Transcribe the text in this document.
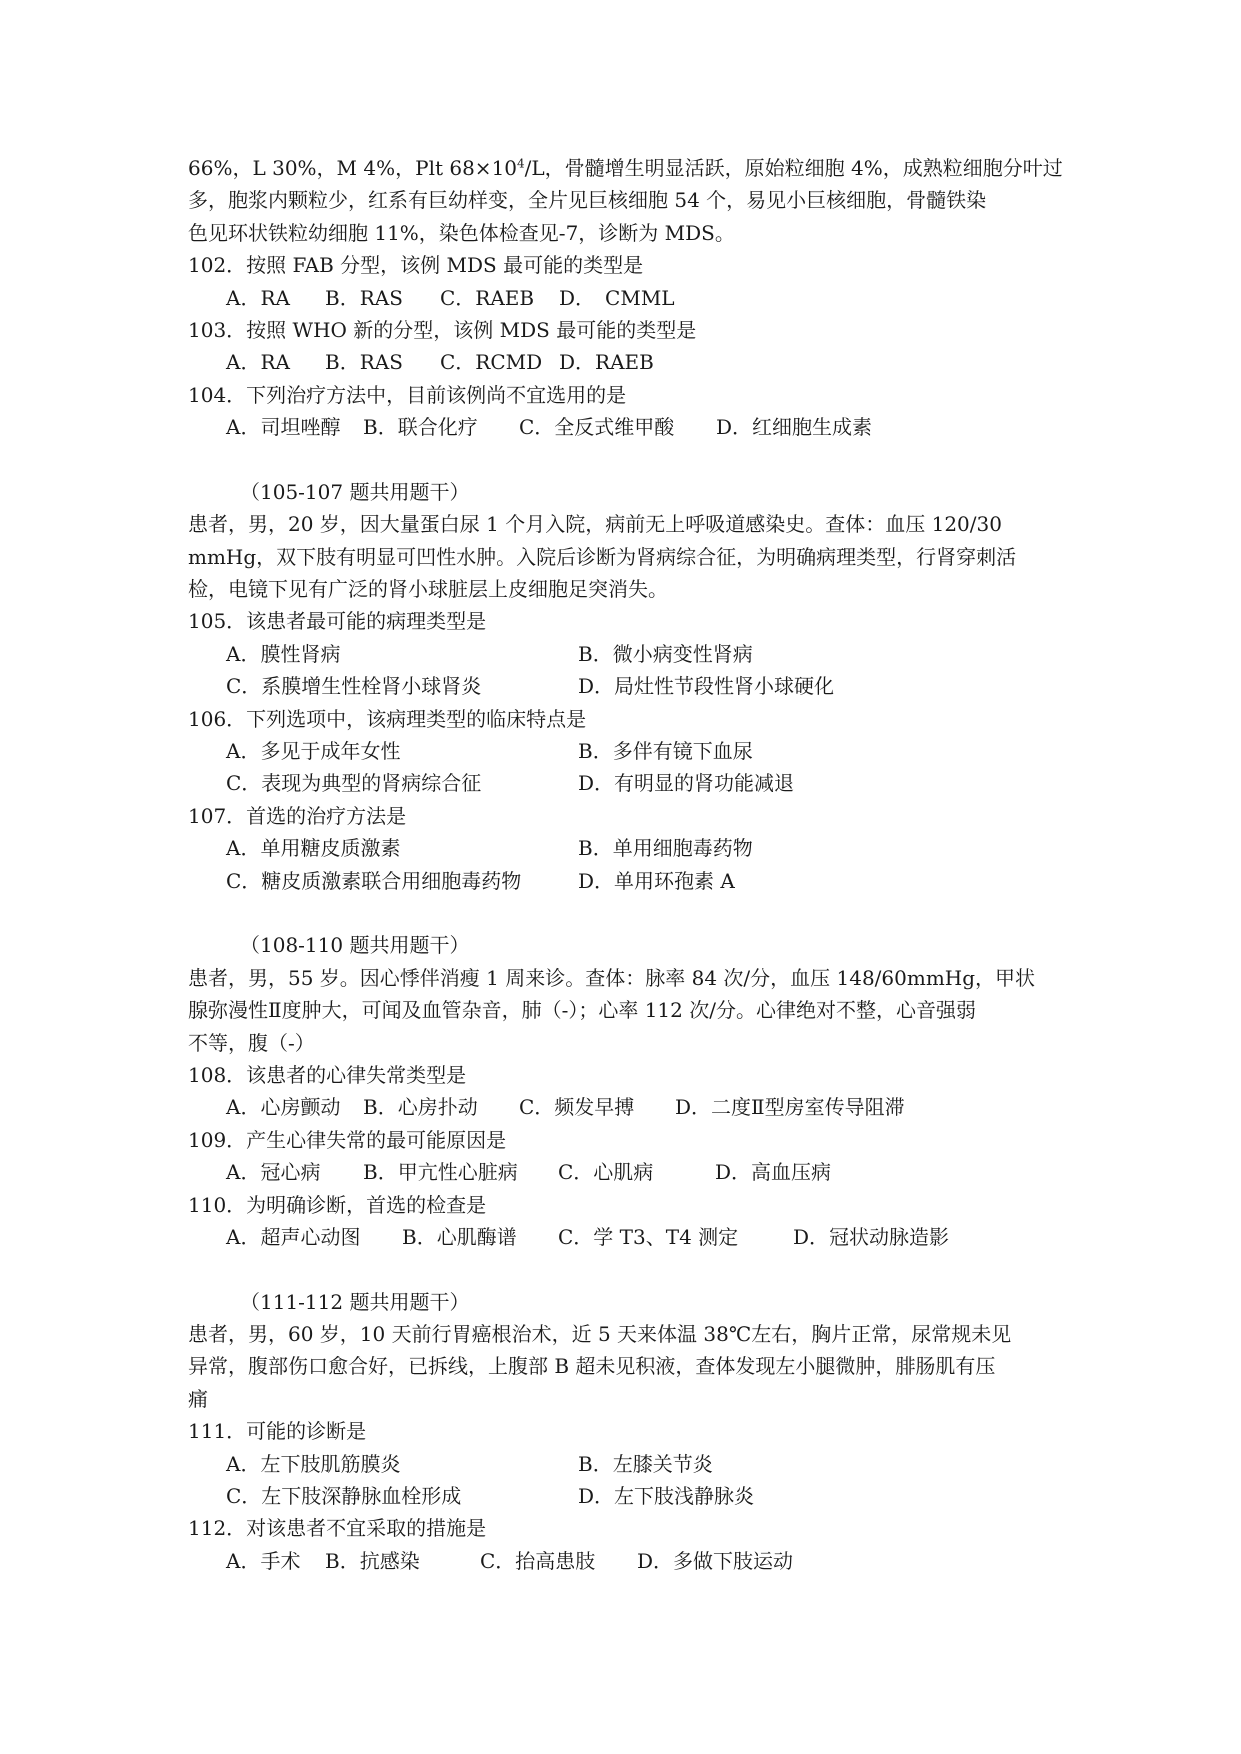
66%，L 30%，M 4%，Plt $68\times 10^4/L$，骨髓增生明显活跃，原始粒细胞 4%，成熟粒细胞分叶过
多，胞浆内颗粒少，红系有巨幼样变，全片见巨核细胞 54 个，易见小巨核细胞，骨髓铁染
色见环状铁粒幼细胞 11%，染色体检查见-7，诊断为 MDS。
102．按照 FAB 分型，该例 MDS 最可能的类型是
A．RA B．RAS C．RAEB D．　CMML
103．按照 WHO 新的分型，该例 MDS 最可能的类型是
A．RA B．RAS C．RCMD D．RAEB
104．下列治疗方法中，目前该例尚不宜选用的是
A．司坦唑醇 B．联合化疗 C．全反式维甲酸 D．红细胞生成素
（105-107 题共用题干）
患者，男，20 岁，因大量蛋白尿 1 个月入院，病前无上呼吸道感染史。查体：血压 120/30
mmHg，双下肢有明显可凹性水肿。入院后诊断为肾病综合征，为明确病理类型，行肾穿刺活
检，电镜下见有广泛的肾小球脏层上皮细胞足突消失。
105．该患者最可能的病理类型是
A．膜性肾病	B．微小病变性肾病
C．系膜增生性栓肾小球肾炎	D．局灶性节段性肾小球硬化
106．下列选项中，该病理类型的临床特点是
A．多见于成年女性	B．多伴有镜下血尿
C．表现为典型的肾病综合征	D．有明显的肾功能减退
107．首选的治疗方法是
A．单用糖皮质激素	B．单用细胞毒药物
C．糖皮质激素联合用细胞毒药物	D．单用环孢素 A
（108-110 题共用题干）
患者，男，55 岁。因心悸伴消瘦 1 周来诊。查体：脉率 84 次/分，血压 148/60mmHg，甲状
腺弥漫性Ⅱ度肿大，可闻及血管杂音，肺（-）；心率 112 次/分。心律绝对不整，心音强弱
不等，腹（-）
108．该患者的心律失常类型是
A．心房颤动 B．心房扑动 C．频发早搏 D．二度Ⅱ型房室传导阻滞
109．产生心律失常的最可能原因是
A．冠心病 B．甲亢性心脏病 C．心肌病	D．高血压病
110．为明确诊断，首选的检查是
A．超声心动图 B．心肌酶谱 C．学 T3、T4 测定	D．冠状动脉造影
（111-112 题共用题干）
患者，男，60 岁，10 天前行胃癌根治术，近 5 天来体温 38℃左右，胸片正常，尿常规未见
异常，腹部伤口愈合好，已拆线，上腹部 B 超未见积液，查体发现左小腿微肿，腓肠肌有压
痛
111．可能的诊断是
A．左下肢肌筋膜炎	B．左膝关节炎
C．左下肢深静脉血栓形成	D．左下肢浅静脉炎
112．对该患者不宜采取的措施是
A．手术 B．抗感染	C．抬高患肢 D．多做下肢运动
